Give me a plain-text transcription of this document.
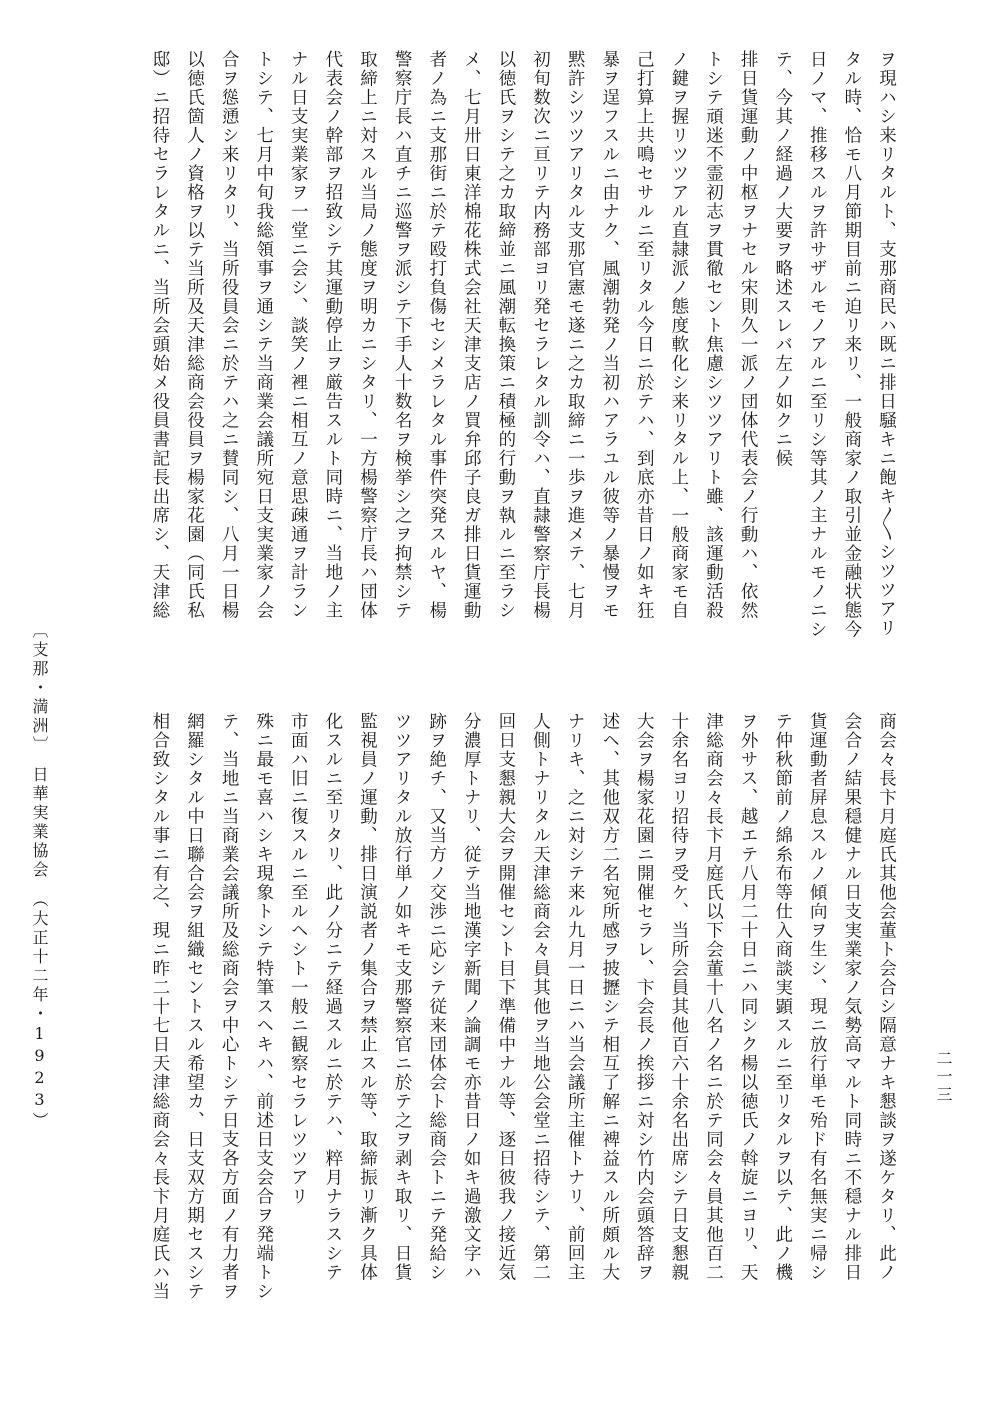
ヲ現ハシ来リタルト、支那商民ハ既ニ排日騒キニ飽キ〱シツツアリ
タル時、恰モ八月節期目前ニ迫リ来リ、一般商家ノ取引並金融状態今
日ノマ、推移スルヲ許サザルモノアルニ至リシ等其ノ主ナルモノニシ
テ、今其ノ経過ノ大要ヲ略述スレバ左ノ如クニ候
排日貨運動ノ中枢ヲナセル宋則久一派ノ団体代表会ノ行動ハ、依然
トシテ頑迷不霊初志ヲ貫徹セント焦慮シツツアリト雖、該運動活殺
ノ鍵ヲ握リツツアル直隷派ノ態度軟化シ来リタル上、一般商家モ自
己打算上共鳴セサルニ至リタル今日ニ於テハ、到底亦昔日ノ如キ狂
暴ヲ逞フスルニ由ナク、風潮勃発ノ当初ハアラユル彼等ノ暴慢ヲモ
黙許シツツアリタル支那官憲モ遂ニ之カ取締ニ一歩ヲ進メテ、七月
初旬数次ニ亘リテ内務部ヨリ発セラレタル訓令ハ、直隷警察庁長楊
以徳氏ヲシテ之カ取締並ニ風潮転換策ニ積極的行動ヲ執ルニ至ラシ
メ、七月卅日東洋棉花株式会社天津支店ノ買弁邱子良ガ排日貨運動
者ノ為ニ支那街ニ於テ殴打負傷セシメラレタル事件突発スルヤ、楊
警察庁長ハ直チニ巡警ヲ派シテ下手人十数名ヲ検挙シ之ヲ拘禁シテ
取締上ニ対スル当局ノ態度ヲ明カニシタリ、一方楊警察庁長ハ団体
代表会ノ幹部ヲ招致シテ其運動停止ヲ厳告スルト同時ニ、当地ノ主
ナル日支実業家ヲ一堂ニ会シ、談笑ノ裡ニ相互ノ意思疎通ヲ計ラン
トシテ、七月中旬我総領事ヲ通シテ当商業会議所宛日支実業家ノ会
合ヲ慫慂シ来リタリ、当所役員会ニ於テハ之ニ賛同シ、八月一日楊
以徳氏箇人ノ資格ヲ以テ当所及天津総商会役員ヲ楊家花園（同氏私
邸）ニ招待セラレタルニ、当所会頭始メ役員書記長出席シ、天津総
商会々長卞月庭氏其他会董ト会合シ隔意ナキ懇談ヲ遂ケタリ、此ノ
会合ノ結果穏健ナル日支実業家ノ気勢高マルト同時ニ不穏ナル排日
貨運動者屏息スルノ傾向ヲ生シ、現ニ放行単モ殆ド有名無実ニ帰シ
テ仲秋節前ノ綿糸布等仕入商談実顕スルニ至リタルヲ以テ、此ノ機
ヲ外サス、越エテ八月二十日ニハ同シク楊以徳氏ノ斡旋ニヨリ、天
津総商会々長卞月庭氏以下会董十八名ノ名ニ於テ同会々員其他百二
十余名ヨリ招待ヲ受ケ、当所会員其他百六十余名出席シテ日支懇親
大会ヲ楊家花園ニ開催セラレ、卞会長ノ挨拶ニ対シ竹内会頭答辞ヲ
述ヘ、其他双方二名宛所感ヲ披攊シテ相互了解ニ裨益スル所頗ル大
ナリキ、之ニ対シテ来ル九月一日ニハ当会議所主催トナリ、前回主
人側トナリタル天津総商会々員其他ヲ当地公会堂ニ招待シテ、第二
回日支懇親大会ヲ開催セント目下準備中ナル等、逐日彼我ノ接近気
分濃厚トナリ、従テ当地漢字新聞ノ論調モ亦昔日ノ如キ過激文字ハ
跡ヲ絶チ、又当方ノ交渉ニ応シテ従来団体会ト総商会トニテ発給シ
ツツアリタル放行単ノ如キモ支那警察官ニ於テ之ヲ剥キ取リ、日貨
監視員ノ運動、排日演説者ノ集合ヲ禁止スル等、取締振リ漸ク具体
化スルニ至リタリ、此ノ分ニテ経過スルニ於テハ、粹月ナラスシテ
市面ハ旧ニ復スルニ至ルヘシト一般ニ観察セラレツツアリ
殊ニ最モ喜ハシキ現象トシテ特筆スヘキハ、前述日支会合ヲ発端トシ
テ、当地ニ当商業会議所及総商会ヲ中心トシテ日支各方面ノ有力者ヲ
網羅シタル中日聯合会ヲ組織セントスル希望カ、日支双方期セスシテ
相合致シタル事ニ有之、現ニ昨二十七日天津総商会々長卞月庭氏ハ当
〔支那・満洲〕　日華実業協会　（大正十二年・1923）	二一三
